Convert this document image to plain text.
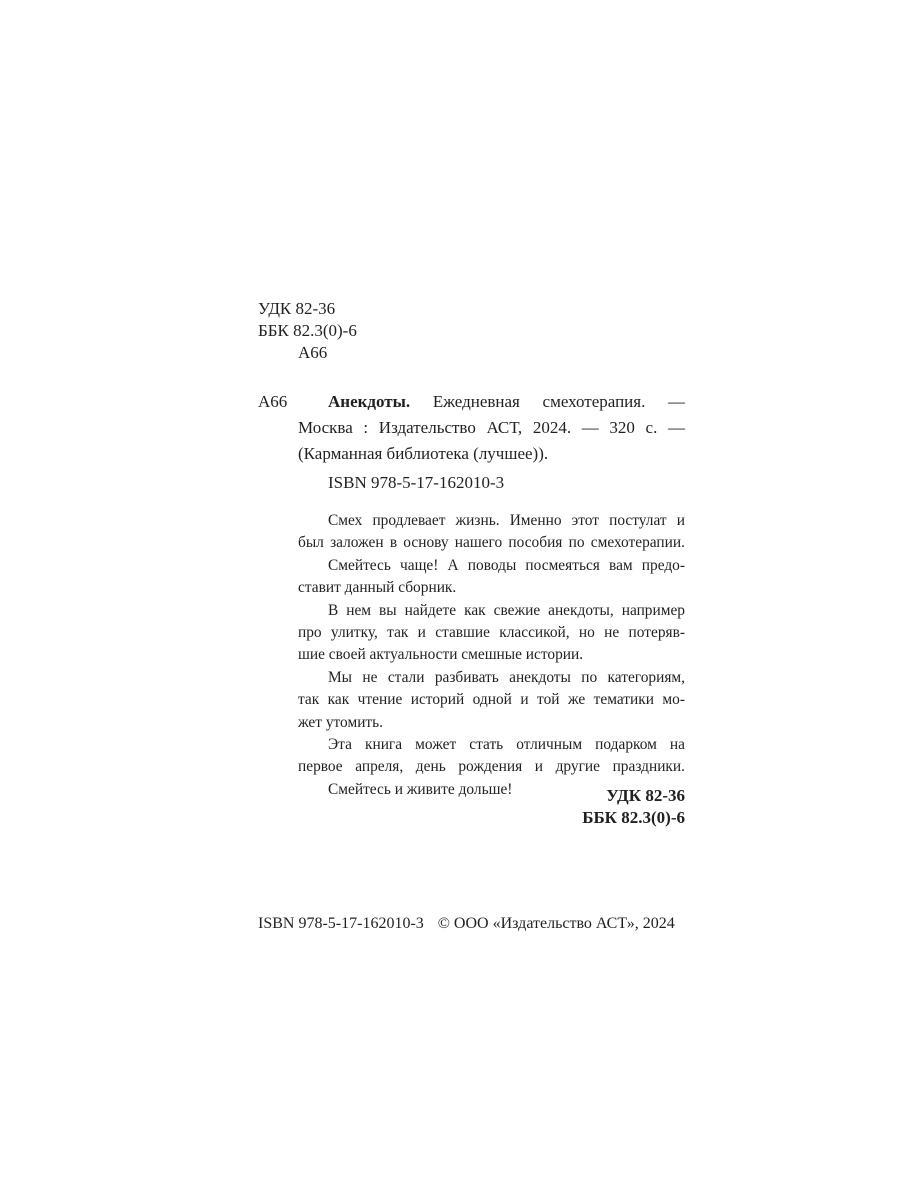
УДК 82-36
ББК 82.3(0)-6
А66
А66 Анекдоты. Ежедневная смехотерапия. —
Москва : Издательство АСТ, 2024. — 320 с. —
(Карманная библиотека (лучшее)).
ISBN 978-5-17-162010-3
Смех продлевает жизнь. Именно этот постулат и
был заложен в основу нашего пособия по смехотерапии.
Смейтесь чаще! А поводы посмеяться вам предо-
ставит данный сборник.
В нем вы найдете как свежие анекдоты, например
про улитку, так и ставшие классикой, но не потеряв-
шие своей актуальности смешные истории.
Мы не стали разбивать анекдоты по категориям,
так как чтение историй одной и той же тематики мо-
жет утомить.
Эта книга может стать отличным подарком на
первое апреля, день рождения и другие праздники.
Смейтесь и живите дольше!	УДК 82-36
ББК 82.3(0)-6
ISBN 978-5-17-162010-3 © ООО «Издательство АСТ», 2024
